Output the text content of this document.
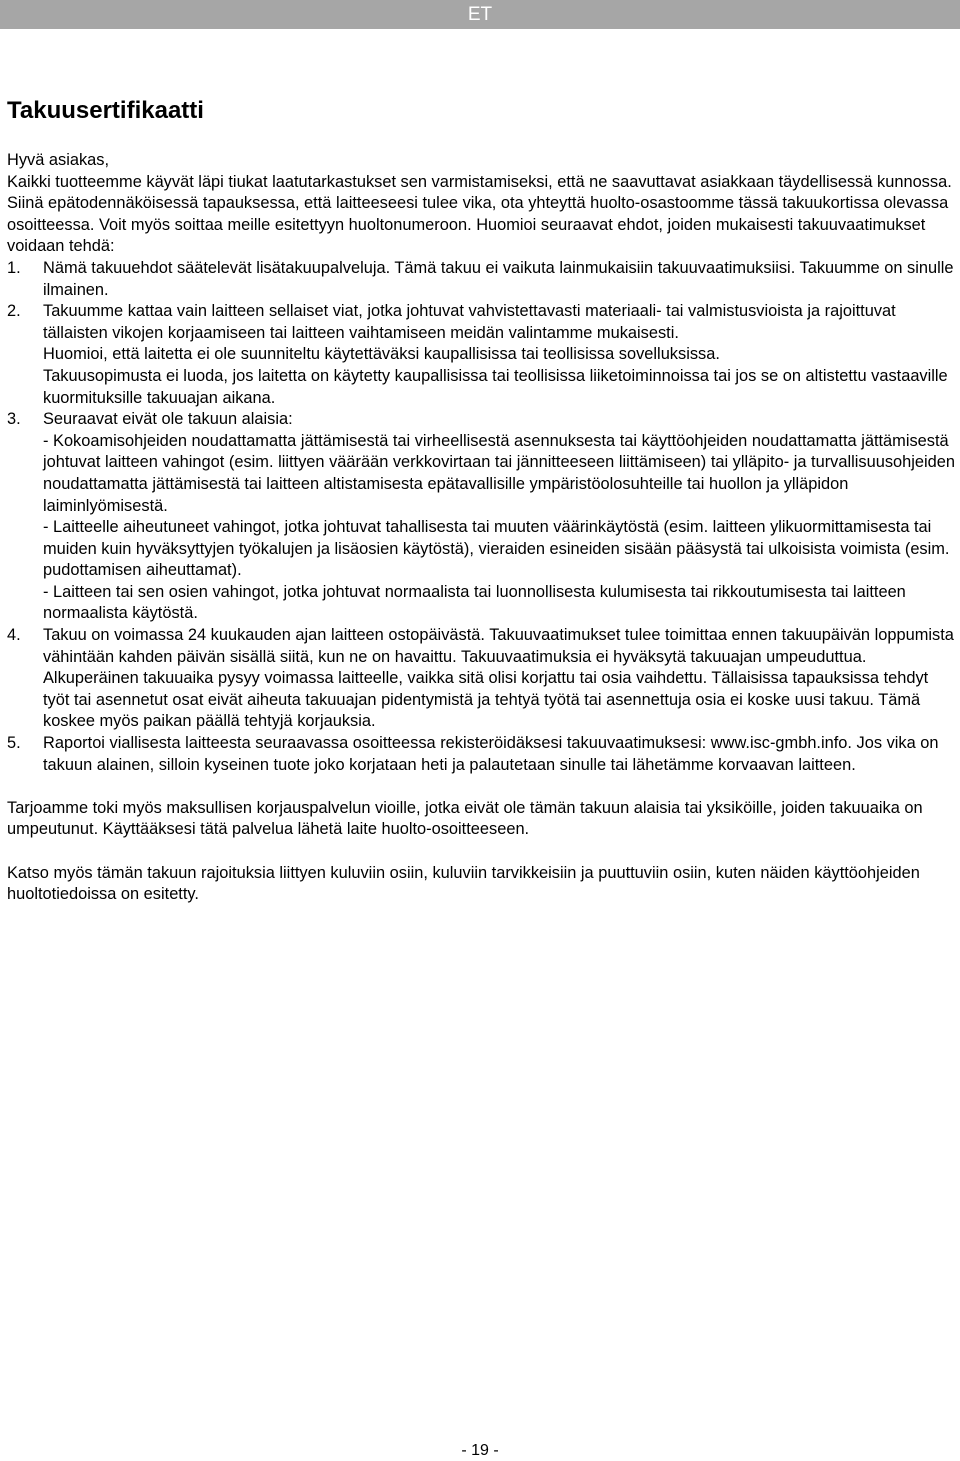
ET
Takuusertifikaatti

Hyvä asiakas,

Kaikki tuotteemme käyvät läpi tiukat laatutarkastukset sen varmistamiseksi, että ne saavuttavat asiakkaan täydellisessä kunnossa. Siinä epätodennäköisessä tapauksessa, että laitteeseesi tulee vika, ota yhteyttä huolto-osastoomme tässä takuukortissa olevassa osoitteessa. Voit myös soittaa meille esitettyyn huoltonumeroon. Huomioi seuraavat ehdot, joiden mukaisesti takuuvaatimukset voidaan tehdä:

1.	Nämä takuuehdot säätelevät lisätakuupalveluja. Tämä takuu ei vaikuta lainmukaisiin takuuvaatimuksiisi. Takuumme on sinulle ilmainen.

2.	Takuumme kattaa vain laitteen sellaiset viat, jotka johtuvat vahvistettavasti materiaali- tai valmistusvioista ja rajoittuvat tällaisten vikojen korjaamiseen tai laitteen vaihtamiseen meidän valintamme mukaisesti.

Huomioi, että laitetta ei ole suunniteltu käytettäväksi kaupallisissa tai teollisissa sovelluksissa.

Takuusopimusta ei luoda, jos laitetta on käytetty kaupallisissa tai teollisissa liiketoiminnoissa tai jos se on altistettu vastaaville kuormituksille takuuajan aikana.

3.	Seuraavat eivät ole takuun alaisia:

- Kokoamisohjeiden noudattamatta jättämisestä tai virheellisestä asennuksesta tai käyttöohjeiden noudattamatta jättämisestä johtuvat laitteen vahingot (esim. liittyen väärään verkkovirtaan tai jännitteeseen liittämiseen) tai ylläpito- ja turvallisuusohjeiden noudattamatta jättämisestä tai laitteen altistamisesta epätavallisille ympäristöolosuhteille tai huollon ja ylläpidon laiminlyömisestä.

- Laitteelle aiheutuneet vahingot, jotka johtuvat tahallisesta tai muuten väärinkäytöstä (esim. laitteen ylikuormittamisesta tai muiden kuin hyväksyttyjen työkalujen ja lisäosien käytöstä), vieraiden esineiden sisään pääsystä tai ulkoisista voimista (esim. pudottamisen aiheuttamat).

- Laitteen tai sen osien vahingot, jotka johtuvat normaalista tai luonnollisesta kulumisesta tai rikkoutumisesta tai laitteen normaalista käytöstä.

4.	Takuu on voimassa 24 kuukauden ajan laitteen ostopäivästä. Takuuvaatimukset tulee toimittaa ennen takuupäivän loppumista vähintään kahden päivän sisällä siitä, kun ne on havaittu. Takuuvaatimuksia ei hyväksytä takuuajan umpeuduttua. Alkuperäinen takuuaika pysyy voimassa laitteelle, vaikka sitä olisi korjattu tai osia vaihdettu. Tällaisissa tapauksissa tehdyt työt tai asennetut osat eivät aiheuta takuuajan pidentymistä ja tehtyä työtä tai asennettuja osia ei koske uusi takuu. Tämä koskee myös paikan päällä tehtyjä korjauksia.

5.	Raportoi viallisesta laitteesta seuraavassa osoitteessa rekisteröidäksesi takuuvaatimuksesi: www.isc-gmbh.info. Jos vika on takuun alainen, silloin kyseinen tuote joko korjataan heti ja palautetaan sinulle tai lähetämme korvaavan laitteen.

Tarjoamme toki myös maksullisen korjauspalvelun vioille, jotka eivät ole tämän takuun alaisia tai yksiköille, joiden takuuaika on umpeutunut. Käyttääksesi tätä palvelua lähetä laite huolto-osoitteeseen.

Katso myös tämän takuun rajoituksia liittyen kuluviin osiin, kuluviin tarvikkeisiin ja puuttuviin osiin, kuten näiden käyttöohjeiden huoltotiedoissa on esitetty.

- 19 -
